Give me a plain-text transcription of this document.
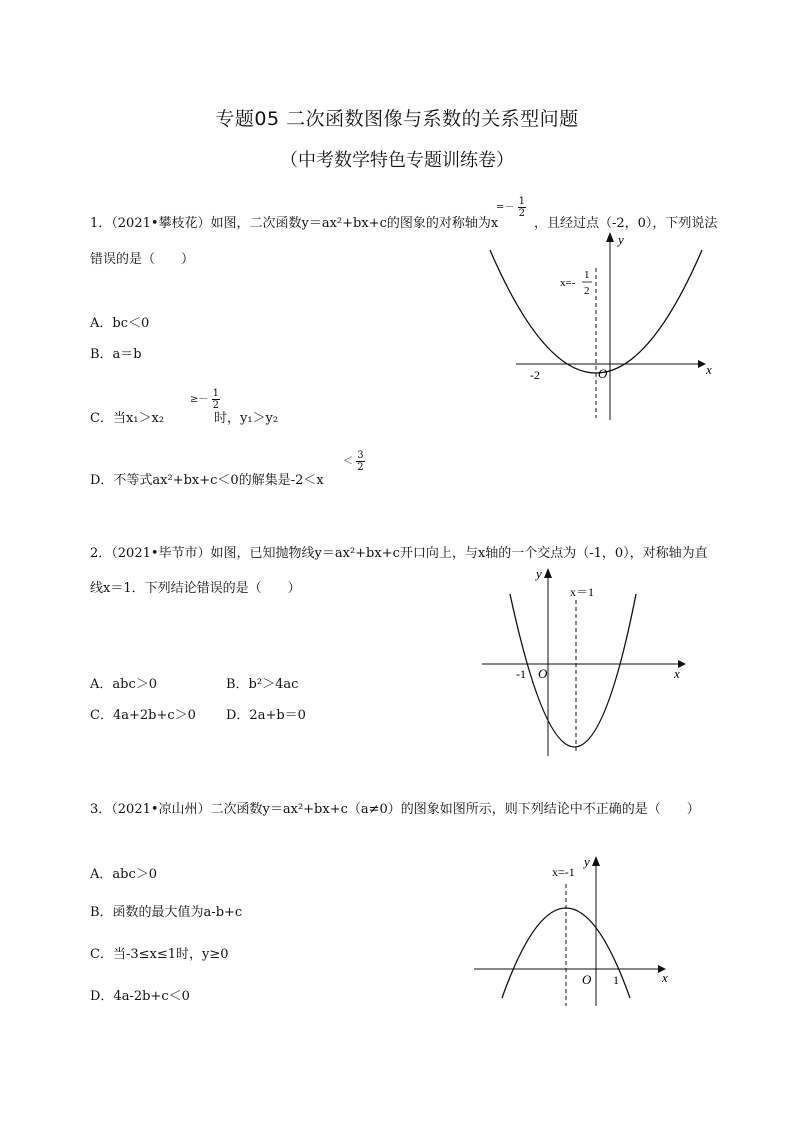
专题05 二次函数图像与系数的关系型问题
（中考数学特色专题训练卷）
1．（2021•攀枝花）如图，二次函数y＝ax²+bx+c的图象的对称轴为x
=－ $\frac{1}{2}$
，且经过点（-2，0），下列说法
错误的是（　　）
A．bc＜0
B．a＝b
C．当x₁＞x₂
≥－ $\frac{1}{2}$
时，y₁＞y₂
D．不等式ax²+bx+c＜0的解集是-2＜x
＜ $\frac{3}{2}$
x
y
O
-2
x=-
1
2
2．（2021•毕节市）如图，已知抛物线y＝ax²+bx+c开口向上，与x轴的一个交点为（-1，0），对称轴为直
线x＝1．下列结论错误的是（　　）
A．abc＞0	B．b²＞4ac
C．4a+2b+c＞0 D．2a+b＝0
x
y
O
-1
x＝1
3．（2021•凉山州）二次函数y＝ax²+bx+c（a≠0）的图象如图所示，则下列结论中不正确的是（　　）
A．abc＞0
B．函数的最大值为a-b+c
C．当-3≤x≤1时，y≥0
D．4a-2b+c＜0
x
y
O 1
x=-1
